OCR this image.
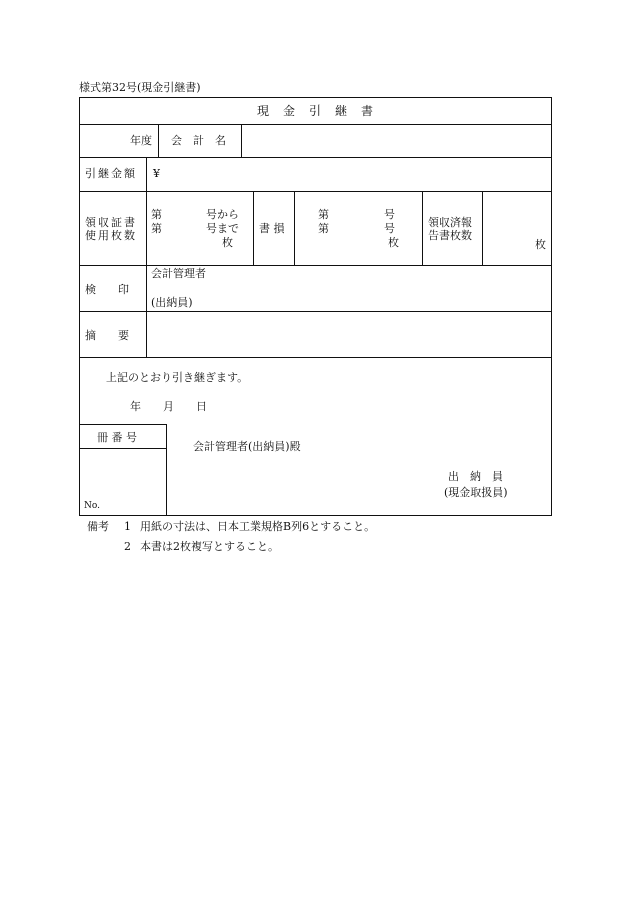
様式第32号(現金引継書)
現　金　引　継　書
年度 会　計　名
引継金額 ¥
領収証書
使用枚数
第　　　　号から
第　　　　号まで
枚
書 損
第　　　　　号
第　　　　　号
枚
領収済報
告書枚数
枚
検　　印
会計管理者
(出納員)
摘　　要
上記のとおり引き継ぎます。
年　　月　　日
冊 番 号
No.
会計管理者(出納員)殿
出　納　員
(現金取扱員)
備考 1 用紙の寸法は、日本工業規格B列6とすること。
2 本書は2枚複写とすること。
